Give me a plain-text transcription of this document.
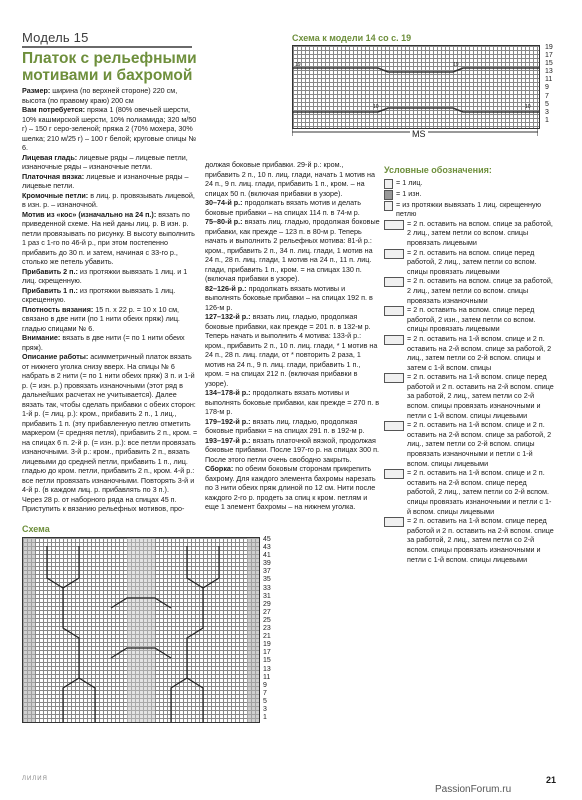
Модель 15
Платок с рельефными
мотивами и бахромой
Схема к модели 14 со с. 19
19	19
10	10
19
17
15
13
11
9
7
5
3
1
MS

Размер: ширина (по верхней стороне) 220 см, высота (по правому краю) 200 см

Вам потребуется: пряжа 1 (80% овечьей шерсти, 10% кашмирской шерсти, 10% полиамида; 320 м/50 г) – 150 г серо-зеленой; пряжа 2 (70% мохера, 30% шелка; 210 м/25 г) – 100 г белой; круговые спицы № 6.

Лицевая гладь: лицевые ряды – лицевые петли, изнаночные ряды – изнаночные петли.

Платочная вязка: лицевые и изнаночные ряды – лицевые петли.

Кромочные петли: в лиц. р. провязывать лицевой, в изн. р. – изнаночной.

Мотив из «кос» (изначально на 24 п.): вязать по приведенной схеме. На ней даны лиц. р. В изн. р. петли провязывать по рисунку. В высоту выполнить 1 раз с 1-го по 46-й р., при этом постепенно прибавить до 30 п. и затем, начиная с 33-го р., столько же петель убавить.

Прибавить 2 п.: из протяжки вывязать 1 лиц. и 1 лиц. скрещенную.

Прибавить 1 п.: из протяжки вывязать 1 лиц. скрещенную.

Плотность вязания: 15 п. x 22 р. = 10 x 10 см, связано в две нити (по 1 нити обеих пряж) лиц. гладью спицами № 6.

Внимание: вязать в две нити (= по 1 нити обеих пряж).

Описание работы: асимметричный платок вязать от нижнего уголка снизу вверх. На спицы № 6 набрать в 2 нити (= по 1 нити обеих пряж) 3 п. и 1-й р. (= изн. р.) провязать изнаночными (этот ряд в дальнейших расчетах не учитывается). Далее вязать так, чтобы сделать прибавки с обеих сторон: 1-й р. (= лиц. р.): кром., прибавить 2 п., 1 лиц., прибавить 1 п. (эту прибавленную петлю отметить маркером (= средняя петля), прибавить 2 п., кром. = на спицах 6 п. 2-й р. (= изн. р.): все петли провязать изнаночными. 3-й р.: кром., прибавить 2 п., вязать лицевыми до средней петли, прибавить 1 п., лиц. гладью до кром. петли, прибавить 2 п., кром. 4-й р.: все петли провязать изнаночными. Повторять 3-й и 4-й р. (в каждом лиц. р. прибавлять по 3 п.).

Через 28 р. от наборного ряда на спицах 45 п. Приступить к вязанию рельефных мотивов, про-

должая боковые прибавки. 29-й р.: кром., прибавить 2 п., 10 п. лиц. глади, начать 1 мотив на 24 п., 9 п. лиц. глади, прибавить 1 п., кром. – на спицах 50 п. (включая прибавки в узоре).

30–74-й р.: продолжать вязать мотив и делать боковые прибавки – на спицах 114 п. в 74-м р.

75–80-й р.: вязать лиц. гладью, продолжая боковые прибавки, как прежде – 123 п. в 80-м р. Теперь начать и выполнить 2 рельефных мотива: 81-й р.: кром., прибавить 2 п., 34 п. лиц. глади, 1 мотив на 24 п., 28 п. лиц. глади, 1 мотив на 24 п., 11 п. лиц. глади, прибавить 1 п., кром. = на спицах 130 п. (включая прибавки в узоре).

82–126-й р.: продолжать вязать мотивы и выполнять боковые прибавки – на спицах 192 п. в 126-м р.

127–132-й р.: вязать лиц. гладью, продолжая боковые прибавки, как прежде = 201 п. в 132-м р. Теперь начать и выполнить 4 мотива: 133-й р.: кром., прибавить 2 п., 10 п. лиц. глади, * 1 мотив на 24 п., 28 п. лиц. глади, от * повторить 2 раза, 1 мотив на 24 п., 9 п. лиц. глади, прибавить 1 п., кром. = на спицах 212 п. (включая прибавки в узоре).

134–178-й р.: продолжать вязать мотивы и выполнять боковые прибавки, как прежде = 270 п. в 178-м р.

179–192-й р.: вязать лиц. гладью, продолжая боковые прибавки = на спицах 291 п. в 192-м р.

193–197-й р.: вязать платочной вязкой, продолжая боковые прибавки. После 197-го р. на спицах 300 п. После этого петли очень свободно закрыть.

Сборка: по обеим боковым сторонам прикрепить бахрому. Для каждого элемента бахромы нарезать по 3 нити обеих пряж длиной по 12 см. Нити после каждого 2-го р. продеть за спиц к кром. петлям и еще 1 элемент бахромы – на нижнем уголка.

Условные обозначения:
= 1 лиц.
= 1 изн.
= из протяжки вывязать 1 лиц. скрещенную петлю
= 2 п. оставить на вспом. спице за работой, 2 лиц., затем петли со вспом. спицы провязать лицевыми
= 2 п. оставить на вспом. спице перед работой, 2 лиц., затем петли со вспом. спицы провязать лицевыми
= 2 п. оставить на вспом. спице за работой, 2 лиц., затем петли со вспом. спицы провязать изнаночными
= 2 п. оставить на вспом. спице перед работой, 2 изн., затем петли со вспом. спицы провязать лицевыми
= 2 п. оставить на 1-й вспом. спице и 2 п. оставить на 2-й вспом. спице за работой, 2 лиц., затем петли со 2-й вспом. спицы и затем с 1-й вспом. спицы
= 2 п. оставить на 1-й вспом. спице перед работой и 2 п. оставить на 2-й вспом. спице за работой, 2 лиц., затем петли со 2-й вспом. спицы провязать изнаночными и петли с 1-й вспом. спицы лицевыми
= 2 п. оставить на 1-й вспом. спице и 2 п. оставить на 2-й вспом. спице за работой, 2 лиц., затем петли со 2-й вспом. спицы провязать изнаночными и петли с 1-й вспом. спицы лицевыми
= 2 п. оставить на 1-й вспом. спице и 2 п. оставить на 2-й вспом. спице перед работой, 2 лиц., затем петли со 2-й вспом. спицы провязать изнаночными и петли с 1-й вспом. спицы лицевыми
= 2 п. оставить на 1-й вспом. спице перед работой и 2 п. оставить на 2-й вспом. спице за работой, 2 лиц., затем петли со 2-й вспом. спицы провязать изнаночными и петли с 1-й вспом. спицы лицевыми
Схема
45
43
41
39
37
35
33
31
29
27
25
23
21
19
17
15
13
11
9
7
5
3
1
ЛИЛИЯ	21
PassionForum.ru
